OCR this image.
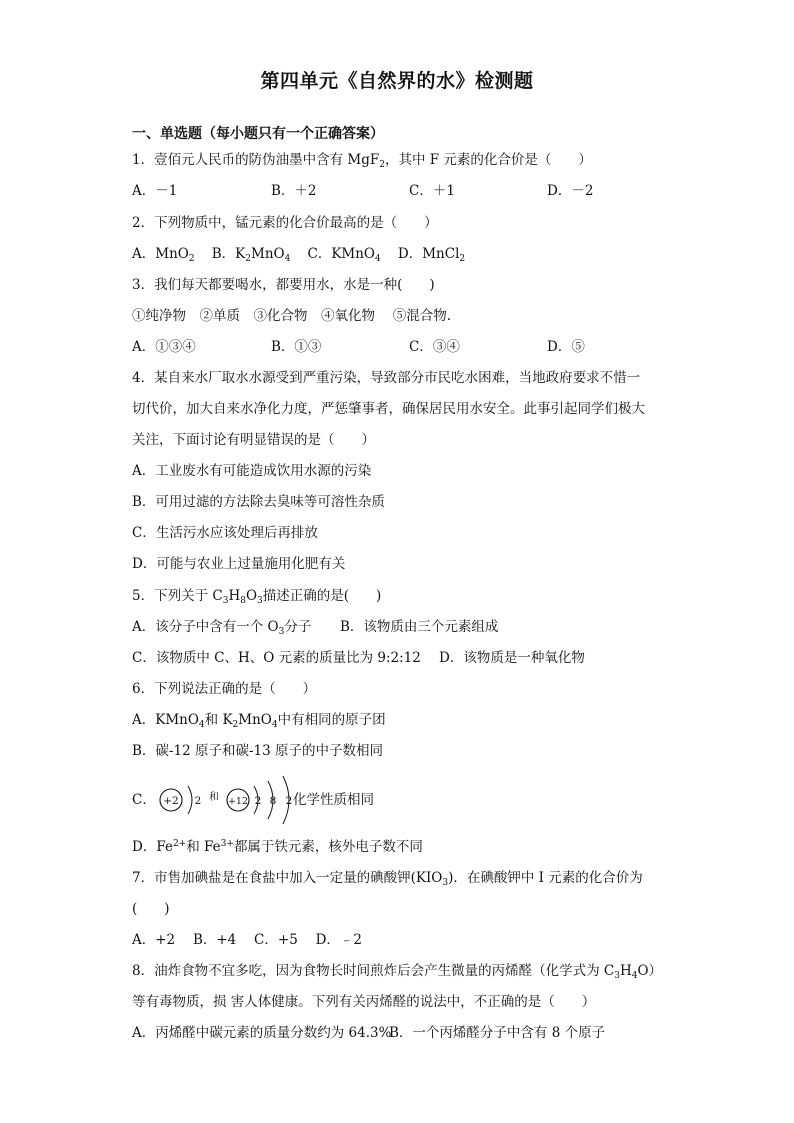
第四单元《自然界的水》检测题
一、单选题（每小题只有一个正确答案）
1．壹佰元人民币的防伪油墨中含有 MgF$_2$，其中 F 元素的化合价是（　　）
A．－1	B．＋2	C．＋1	D．－2
2．下列物质中，锰元素的化合价最高的是（　　）
A．MnO$_2$ B．$K_2MnO_4$ C．KMnO$_4$ D．MnCl$_2$
3．我们每天都要喝水，都要用水，水是一种(　　)
①纯净物　②单质　③化合物　④氧化物　 ⑤混合物.
A．①③④	B．①③	C．③④	D．⑤
4．某自来水厂取水水源受到严重污染，导致部分市民吃水困难，当地政府要求不惜一
切代价，加大自来水净化力度，严惩肇事者，确保居民用水安全。此事引起同学们极大
关注，下面讨论有明显错误的是（　　）
A．工业废水有可能造成饮用水源的污染
B．可用过滤的方法除去臭味等可溶性杂质
C．生活污水应该处理后再排放
D．可能与农业上过量施用化肥有关
5．下列关于 $C_3H_8O_3$描述正确的是(　　)
A．该分子中含有一个 $O_3$分子 B．该物质由三个元素组成
C．该物质中 C、H、O 元素的质量比为 9:2:12 D．该物质是一种氧化物
6．下列说法正确的是（　　）
A．KMnO$_4$和 $K_2MnO_4$中有相同的原子团
B．碳-12 原子和碳-13 原子的中子数相同
C． +2 2 和 +12 2 8 2 化学性质相同
D．$Fe^{2+}$和 $Fe^{3+}$都属于铁元素，核外电子数不同
7．市售加碘盐是在食盐中加入一定量的碘酸钾$(KIO_3)$．在碘酸钾中 I 元素的化合价为
(　　)
A．+2　 B．+4　 C．+5　 D．﹣2
8．油炸食物不宜多吃，因为食物长时间煎炸后会产生微量的丙烯醛（化学式为 $C_3H_4O$）
等有毒物质，损 害人体健康。下列有关丙烯醛的说法中，不正确的是（　　）
A．丙烯醛中碳元素的质量分数约为 64.3%
B．一个丙烯醛分子中含有 8 个原子
